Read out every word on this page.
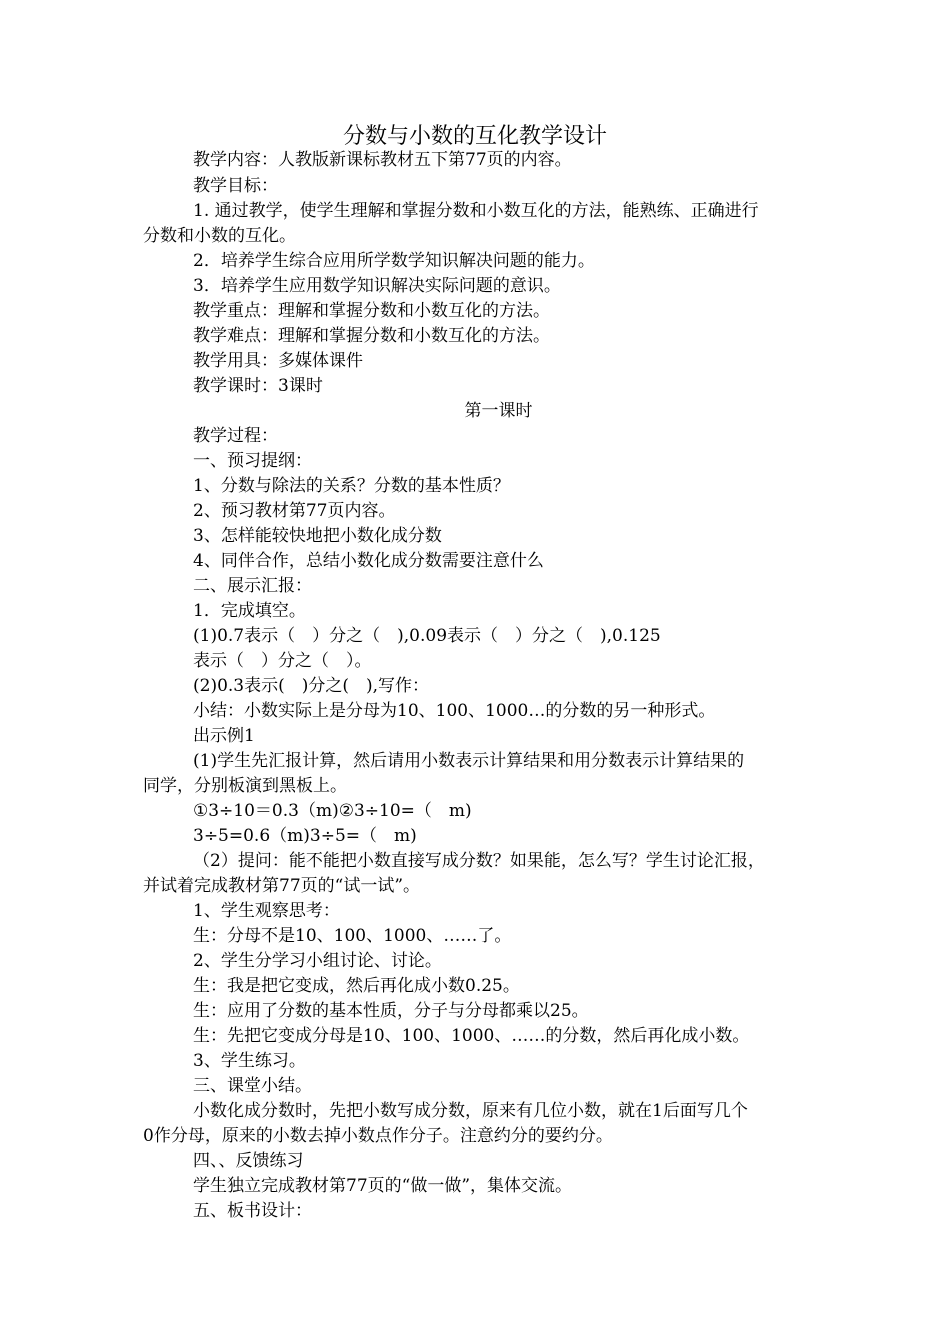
分数与小数的互化教学设计
教学内容：人教版新课标教材五下第77页的内容。
教学目标：
1. 通过教学，使学生理解和掌握分数和小数互化的方法，能熟练、正确进行
分数和小数的互化。
2．培养学生综合应用所学数学知识解决问题的能力。
3．培养学生应用数学知识解决实际问题的意识。
教学重点：理解和掌握分数和小数互化的方法。
教学难点：理解和掌握分数和小数互化的方法。
教学用具：多媒体课件
教学课时：3课时
第一课时
教学过程：
一、预习提纲：
1、分数与除法的关系？分数的基本性质？
2、预习教材第77页内容。
3、怎样能较快地把小数化成分数
4、同伴合作，总结小数化成分数需要注意什么
二、展示汇报：
1．完成填空。
(1)0.7表示（　）分之（　),0.09表示（　）分之（　),0.125
表示（　）分之（　）。
(2)0.3表示(　)分之(　),写作：
小结：小数实际上是分母为10、100、1000…的分数的另一种形式。
出示例1
(1)学生先汇报计算，然后请用小数表示计算结果和用分数表示计算结果的
同学，分别板演到黑板上。
①3÷10＝0.3（m)②3÷10=（　m)
3÷5=0.6（m)3÷5=（　m)
（2）提问：能不能把小数直接写成分数？如果能，怎么写？学生讨论汇报，
并试着完成教材第77页的“试一试”。
1、学生观察思考：
生：分母不是10、100、1000、……了。
2、学生分学习小组讨论、讨论。
生：我是把它变成，然后再化成小数0.25。
生：应用了分数的基本性质，分子与分母都乘以25。
生：先把它变成分母是10、100、1000、……的分数，然后再化成小数。
3、学生练习。
三、课堂小结。
小数化成分数时，先把小数写成分数，原来有几位小数，就在1后面写几个
0作分母，原来的小数去掉小数点作分子。注意约分的要约分。
四、、反馈练习
学生独立完成教材第77页的“做一做”，集体交流。
五、板书设计：
